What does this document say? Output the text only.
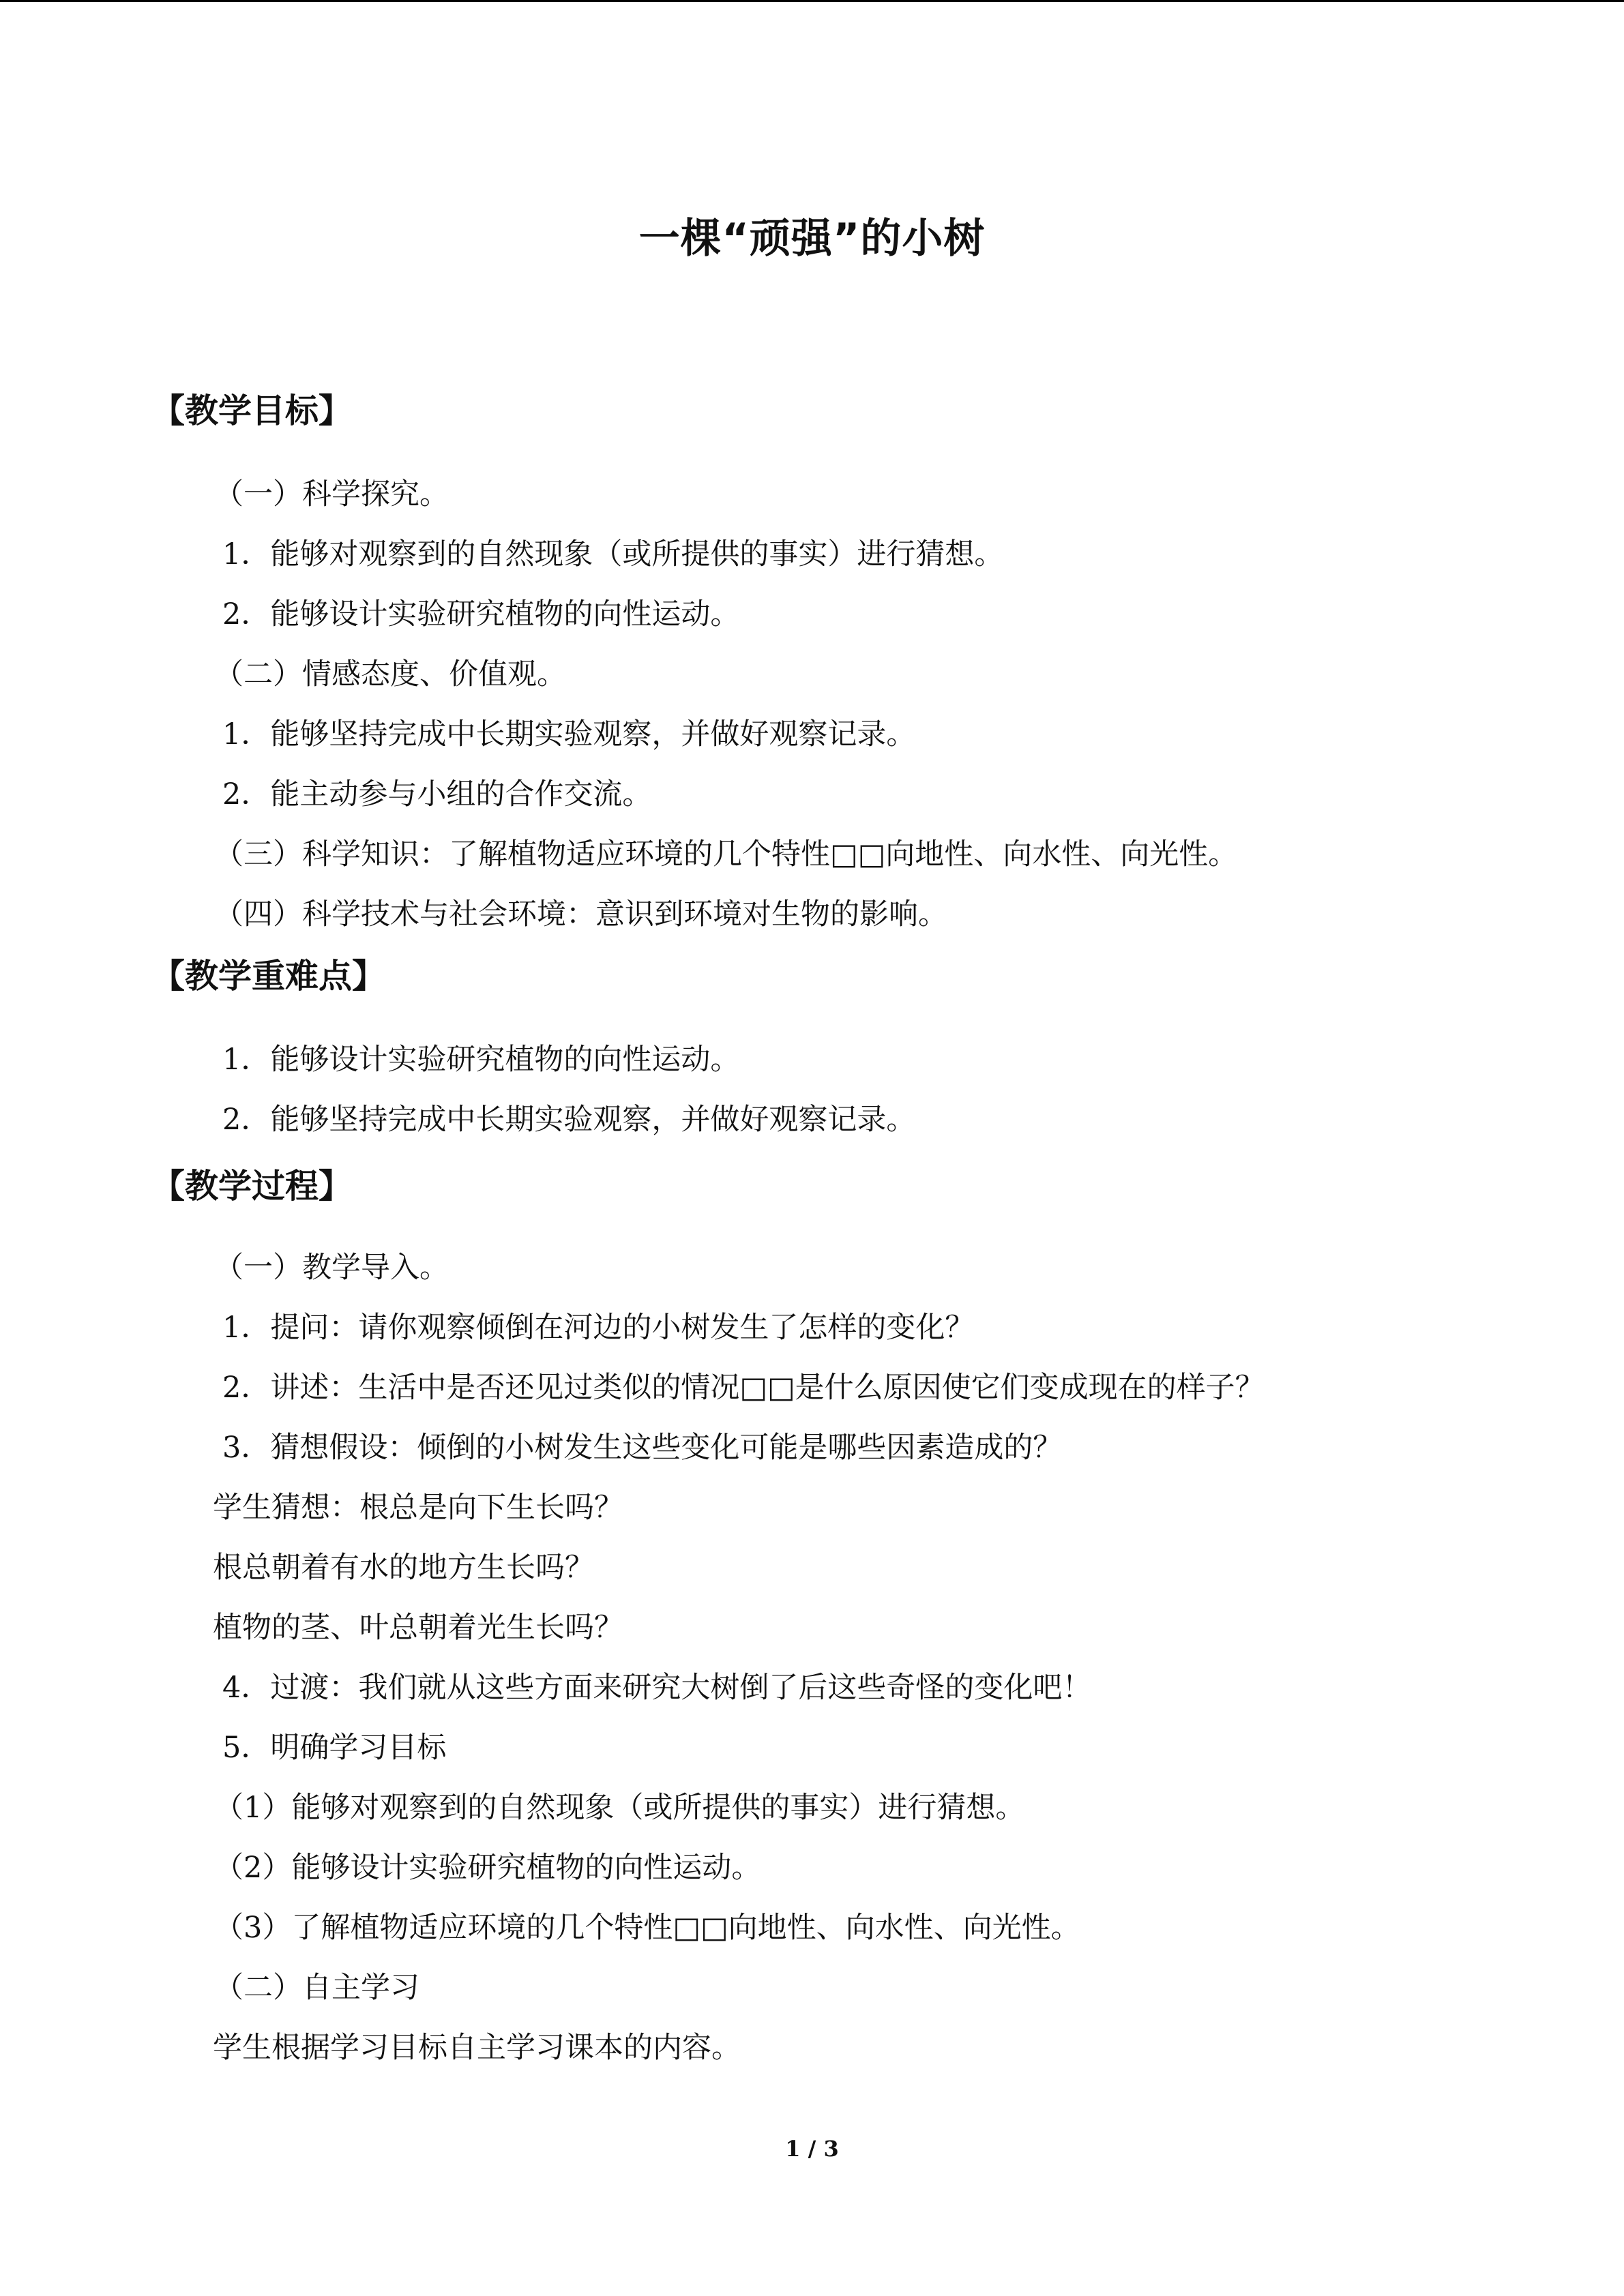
一棵“顽强”的小树
【教学目标】
（一）科学探究。
1．能够对观察到的自然现象（或所提供的事实）进行猜想。
2．能够设计实验研究植物的向性运动。
（二）情感态度、价值观。
1．能够坚持完成中长期实验观察，并做好观察记录。
2．能主动参与小组的合作交流。
（三）科学知识：了解植物适应环境的几个特性□□向地性、向水性、向光性。
（四）科学技术与社会环境：意识到环境对生物的影响。
【教学重难点】
1．能够设计实验研究植物的向性运动。
2．能够坚持完成中长期实验观察，并做好观察记录。
【教学过程】
（一）教学导入。
1．提问：请你观察倾倒在河边的小树发生了怎样的变化？
2．讲述：生活中是否还见过类似的情况□□是什么原因使它们变成现在的样子？
3．猜想假设：倾倒的小树发生这些变化可能是哪些因素造成的？
学生猜想：根总是向下生长吗？
根总朝着有水的地方生长吗？
植物的茎、叶总朝着光生长吗？
4．过渡：我们就从这些方面来研究大树倒了后这些奇怪的变化吧！
5．明确学习目标
（1）能够对观察到的自然现象（或所提供的事实）进行猜想。
（2）能够设计实验研究植物的向性运动。
（3）了解植物适应环境的几个特性□□向地性、向水性、向光性。
（二）自主学习
学生根据学习目标自主学习课本的内容。
1 / 3
